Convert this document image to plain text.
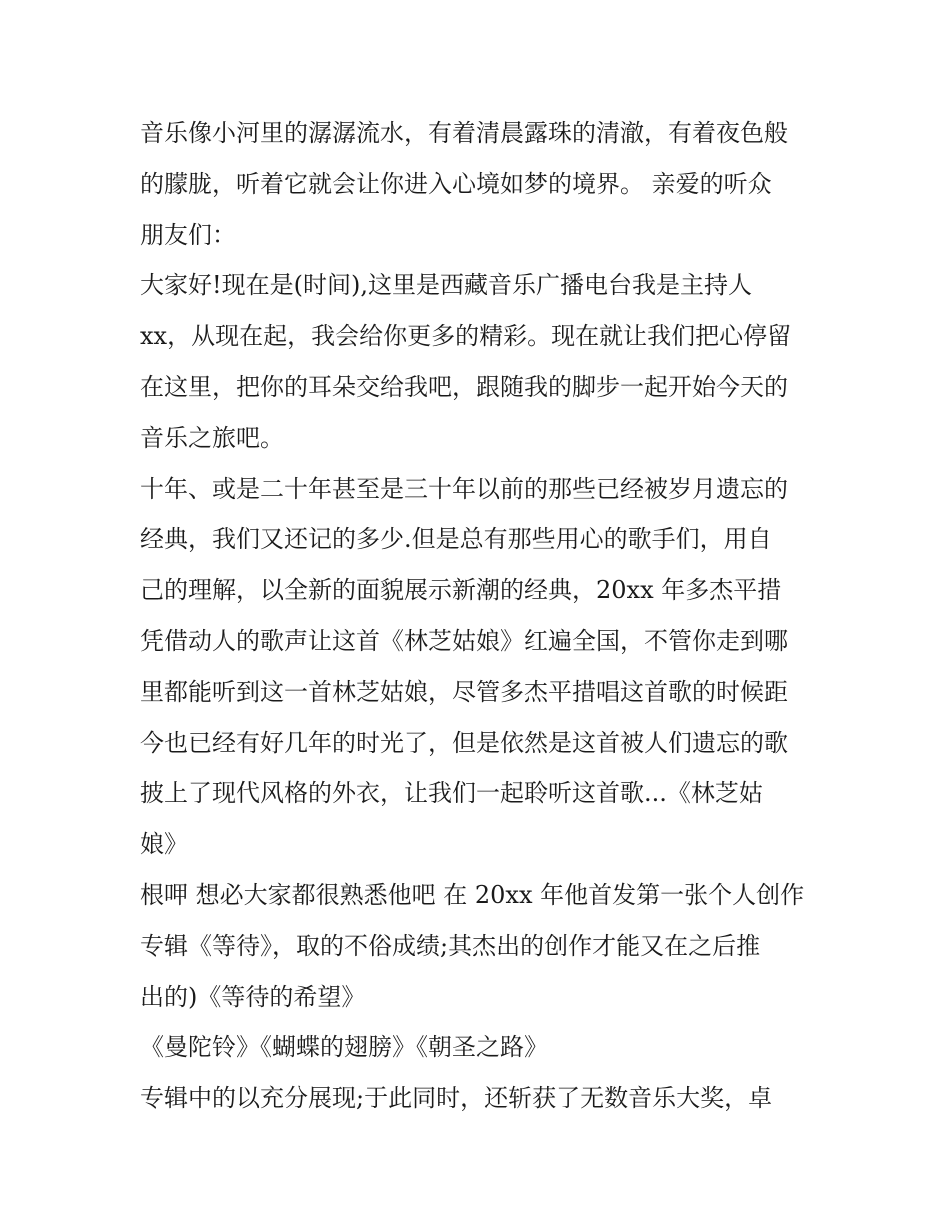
音乐像小河里的潺潺流水，有着清晨露珠的清澈，有着夜色般
的朦胧，听着它就会让你进入心境如梦的境界。 亲爱的听众
朋友们：
大家好!现在是(时间),这里是西藏音乐广播电台我是主持人
xx，从现在起，我会给你更多的精彩。现在就让我们把心停留
在这里，把你的耳朵交给我吧，跟随我的脚步一起开始今天的
音乐之旅吧。
十年、或是二十年甚至是三十年以前的那些已经被岁月遗忘的
经典，我们又还记的多少.但是总有那些用心的歌手们，用自
己的理解，以全新的面貌展示新潮的经典，20xx 年多杰平措
凭借动人的歌声让这首《林芝姑娘》红遍全国，不管你走到哪
里都能听到这一首林芝姑娘，尽管多杰平措唱这首歌的时候距
今也已经有好几年的时光了，但是依然是这首被人们遗忘的歌
披上了现代风格的外衣，让我们一起聆听这首歌...《林芝姑
娘》
根呷 想必大家都很熟悉他吧 在 20xx 年他首发第一张个人创作
专辑《等待》，取的不俗成绩;其杰出的创作才能又在之后推
出的)《等待的希望》
《曼陀铃》《蝴蝶的翅膀》《朝圣之路》
专辑中的以充分展现;于此同时，还斩获了无数音乐大奖，卓
